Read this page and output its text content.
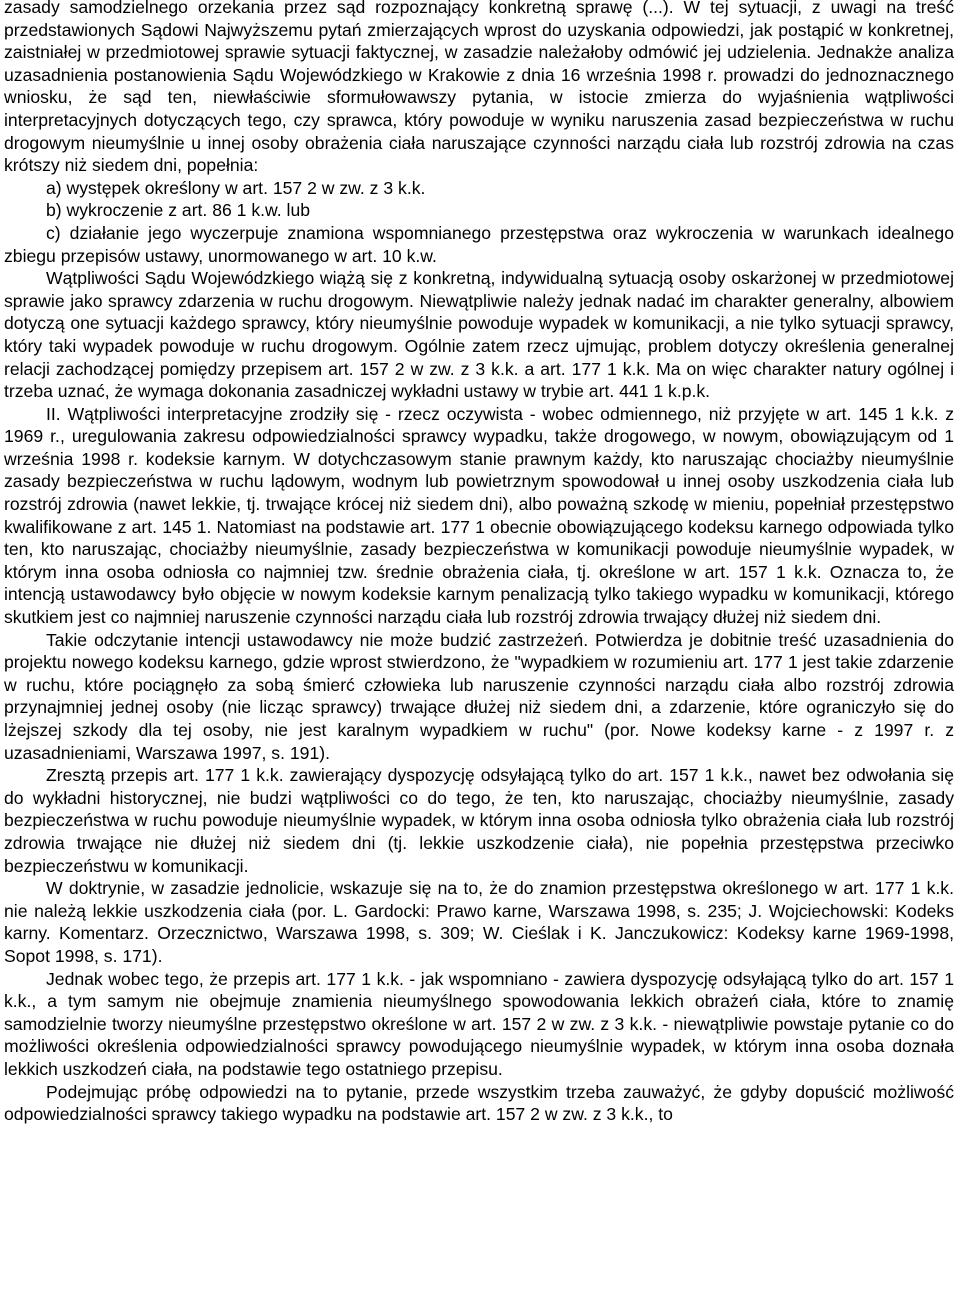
zasady samodzielnego orzekania przez sąd rozpoznający konkretną sprawę (...). W tej sytuacji, z uwagi na treść przedstawionych Sądowi Najwyższemu pytań zmierzających wprost do uzyskania odpowiedzi, jak postąpić w konkretnej, zaistniałej w przedmiotowej sprawie sytuacji faktycznej, w zasadzie należałoby odmówić jej udzielenia. Jednakże analiza uzasadnienia postanowienia Sądu Wojewódzkiego w Krakowie z dnia 16 września 1998 r. prowadzi do jednoznacznego wniosku, że sąd ten, niewłaściwie sformułowawszy pytania, w istocie zmierza do wyjaśnienia wątpliwości interpretacyjnych dotyczących tego, czy sprawca, który powoduje w wyniku naruszenia zasad bezpieczeństwa w ruchu drogowym nieumyślnie u innej osoby obrażenia ciała naruszające czynności narządu ciała lub rozstrój zdrowia na czas krótszy niż siedem dni, popełnia:

a) występek określony w art. 157 2 w zw. z 3 k.k.

b) wykroczenie z art. 86 1 k.w. lub

c) działanie jego wyczerpuje znamiona wspomnianego przestępstwa oraz wykroczenia w warunkach idealnego zbiegu przepisów ustawy, unormowanego w art. 10 k.w.

Wątpliwości Sądu Wojewódzkiego wiążą się z konkretną, indywidualną sytuacją osoby oskarżonej w przedmiotowej sprawie jako sprawcy zdarzenia w ruchu drogowym. Niewątpliwie należy jednak nadać im charakter generalny, albowiem dotyczą one sytuacji każdego sprawcy, który nieumyślnie powoduje wypadek w komunikacji, a nie tylko sytuacji sprawcy, który taki wypadek powoduje w ruchu drogowym. Ogólnie zatem rzecz ujmując, problem dotyczy określenia generalnej relacji zachodzącej pomiędzy przepisem art. 157 2 w zw. z 3 k.k. a art. 177 1 k.k. Ma on więc charakter natury ogólnej i trzeba uznać, że wymaga dokonania zasadniczej wykładni ustawy w trybie art. 441 1 k.p.k.

II. Wątpliwości interpretacyjne zrodziły się - rzecz oczywista - wobec odmiennego, niż przyjęte w art. 145 1 k.k. z 1969 r., uregulowania zakresu odpowiedzialności sprawcy wypadku, także drogowego, w nowym, obowiązującym od 1 września 1998 r. kodeksie karnym. W dotychczasowym stanie prawnym każdy, kto naruszając chociażby nieumyślnie zasady bezpieczeństwa w ruchu lądowym, wodnym lub powietrznym spowodował u innej osoby uszkodzenia ciała lub rozstrój zdrowia (nawet lekkie, tj. trwające krócej niż siedem dni), albo poważną szkodę w mieniu, popełniał przestępstwo kwalifikowane z art. 145 1. Natomiast na podstawie art. 177 1 obecnie obowiązującego kodeksu karnego odpowiada tylko ten, kto naruszając, chociażby nieumyślnie, zasady bezpieczeństwa w komunikacji powoduje nieumyślnie wypadek, w którym inna osoba odniosła co najmniej tzw. średnie obrażenia ciała, tj. określone w art. 157 1 k.k. Oznacza to, że intencją ustawodawcy było objęcie w nowym kodeksie karnym penalizacją tylko takiego wypadku w komunikacji, którego skutkiem jest co najmniej naruszenie czynności narządu ciała lub rozstrój zdrowia trwający dłużej niż siedem dni.

Takie odczytanie intencji ustawodawcy nie może budzić zastrzeżeń. Potwierdza je dobitnie treść uzasadnienia do projektu nowego kodeksu karnego, gdzie wprost stwierdzono, że "wypadkiem w rozumieniu art. 177 1 jest takie zdarzenie w ruchu, które pociągnęło za sobą śmierć człowieka lub naruszenie czynności narządu ciała albo rozstrój zdrowia przynajmniej jednej osoby (nie licząc sprawcy) trwające dłużej niż siedem dni, a zdarzenie, które ograniczyło się do lżejszej szkody dla tej osoby, nie jest karalnym wypadkiem w ruchu" (por. Nowe kodeksy karne - z 1997 r. z uzasadnieniami, Warszawa 1997, s. 191).

Zresztą przepis art. 177 1 k.k. zawierający dyspozycję odsyłającą tylko do art. 157 1 k.k., nawet bez odwołania się do wykładni historycznej, nie budzi wątpliwości co do tego, że ten, kto naruszając, chociażby nieumyślnie, zasady bezpieczeństwa w ruchu powoduje nieumyślnie wypadek, w którym inna osoba odniosła tylko obrażenia ciała lub rozstrój zdrowia trwające nie dłużej niż siedem dni (tj. lekkie uszkodzenie ciała), nie popełnia przestępstwa przeciwko bezpieczeństwu w komunikacji.

W doktrynie, w zasadzie jednolicie, wskazuje się na to, że do znamion przestępstwa określonego w art. 177 1 k.k. nie należą lekkie uszkodzenia ciała (por. L. Gardocki: Prawo karne, Warszawa 1998, s. 235; J. Wojciechowski: Kodeks karny. Komentarz. Orzecznictwo, Warszawa 1998, s. 309; W. Cieślak i K. Janczukowicz: Kodeksy karne 1969-1998, Sopot 1998, s. 171).

Jednak wobec tego, że przepis art. 177 1 k.k. - jak wspomniano - zawiera dyspozycję odsyłającą tylko do art. 157 1 k.k., a tym samym nie obejmuje znamienia nieumyślnego spowodowania lekkich obrażeń ciała, które to znamię samodzielnie tworzy nieumyślne przestępstwo określone w art. 157 2 w zw. z 3 k.k. - niewątpliwie powstaje pytanie co do możliwości określenia odpowiedzialności sprawcy powodującego nieumyślnie wypadek, w którym inna osoba doznała lekkich uszkodzeń ciała, na podstawie tego ostatniego przepisu.

Podejmując próbę odpowiedzi na to pytanie, przede wszystkim trzeba zauważyć, że gdyby dopuścić możliwość odpowiedzialności sprawcy takiego wypadku na podstawie art. 157 2 w zw. z 3 k.k., to
